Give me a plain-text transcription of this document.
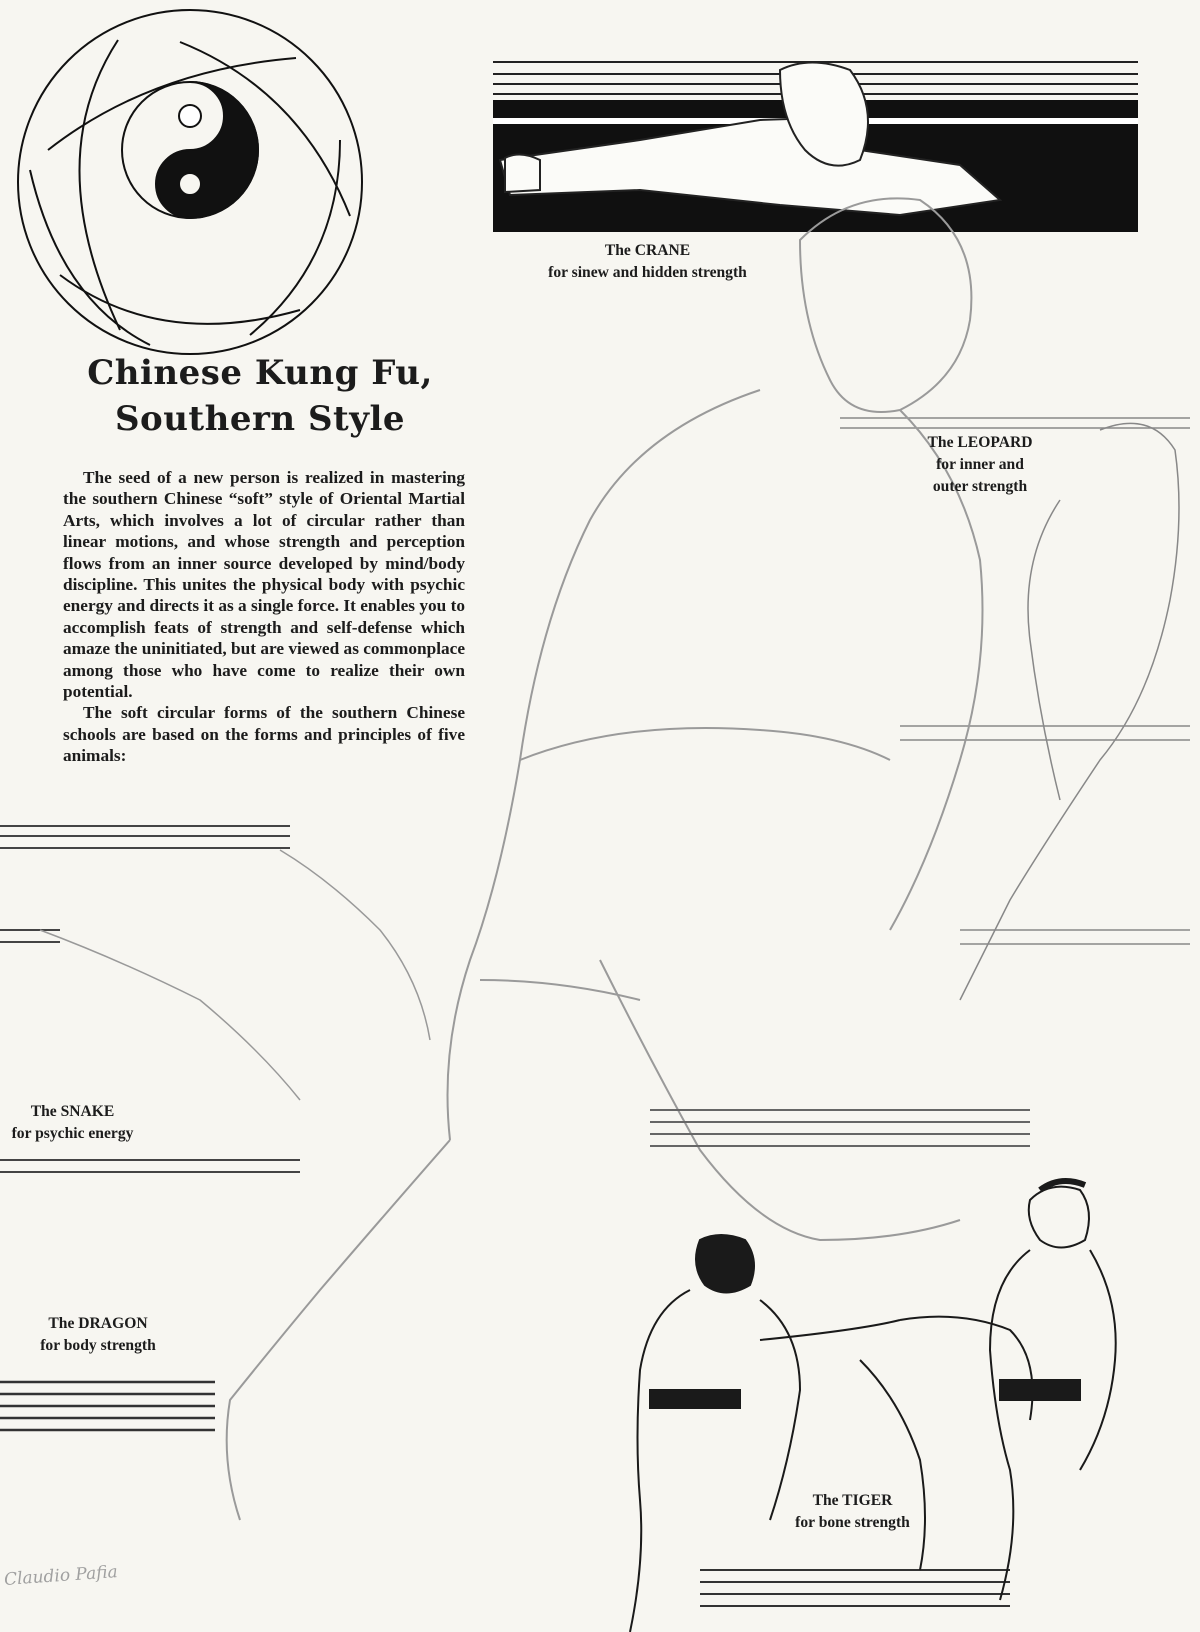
Chinese Kung Fu,
Southern Style

The seed of a new person is realized in mastering the southern Chinese “soft” style of Oriental Martial Arts, which involves a lot of circular rather than linear motions, and whose strength and perception flows from an inner source developed by mind/body discipline. This unites the physical body with psychic energy and directs it as a single force. It enables you to accomplish feats of strength and self-defense which amaze the uninitiated, but are viewed as commonplace among those who have come to realize their own potential.

The soft circular forms of the southern Chinese schools are based on the forms and principles of five animals:

The CRANE
for sinew and hidden strength
The LEOPARD
for inner and
outer strength
The SNAKE
for psychic energy
The DRAGON
for body strength
The TIGER
for bone strength
Claudio Pafia
